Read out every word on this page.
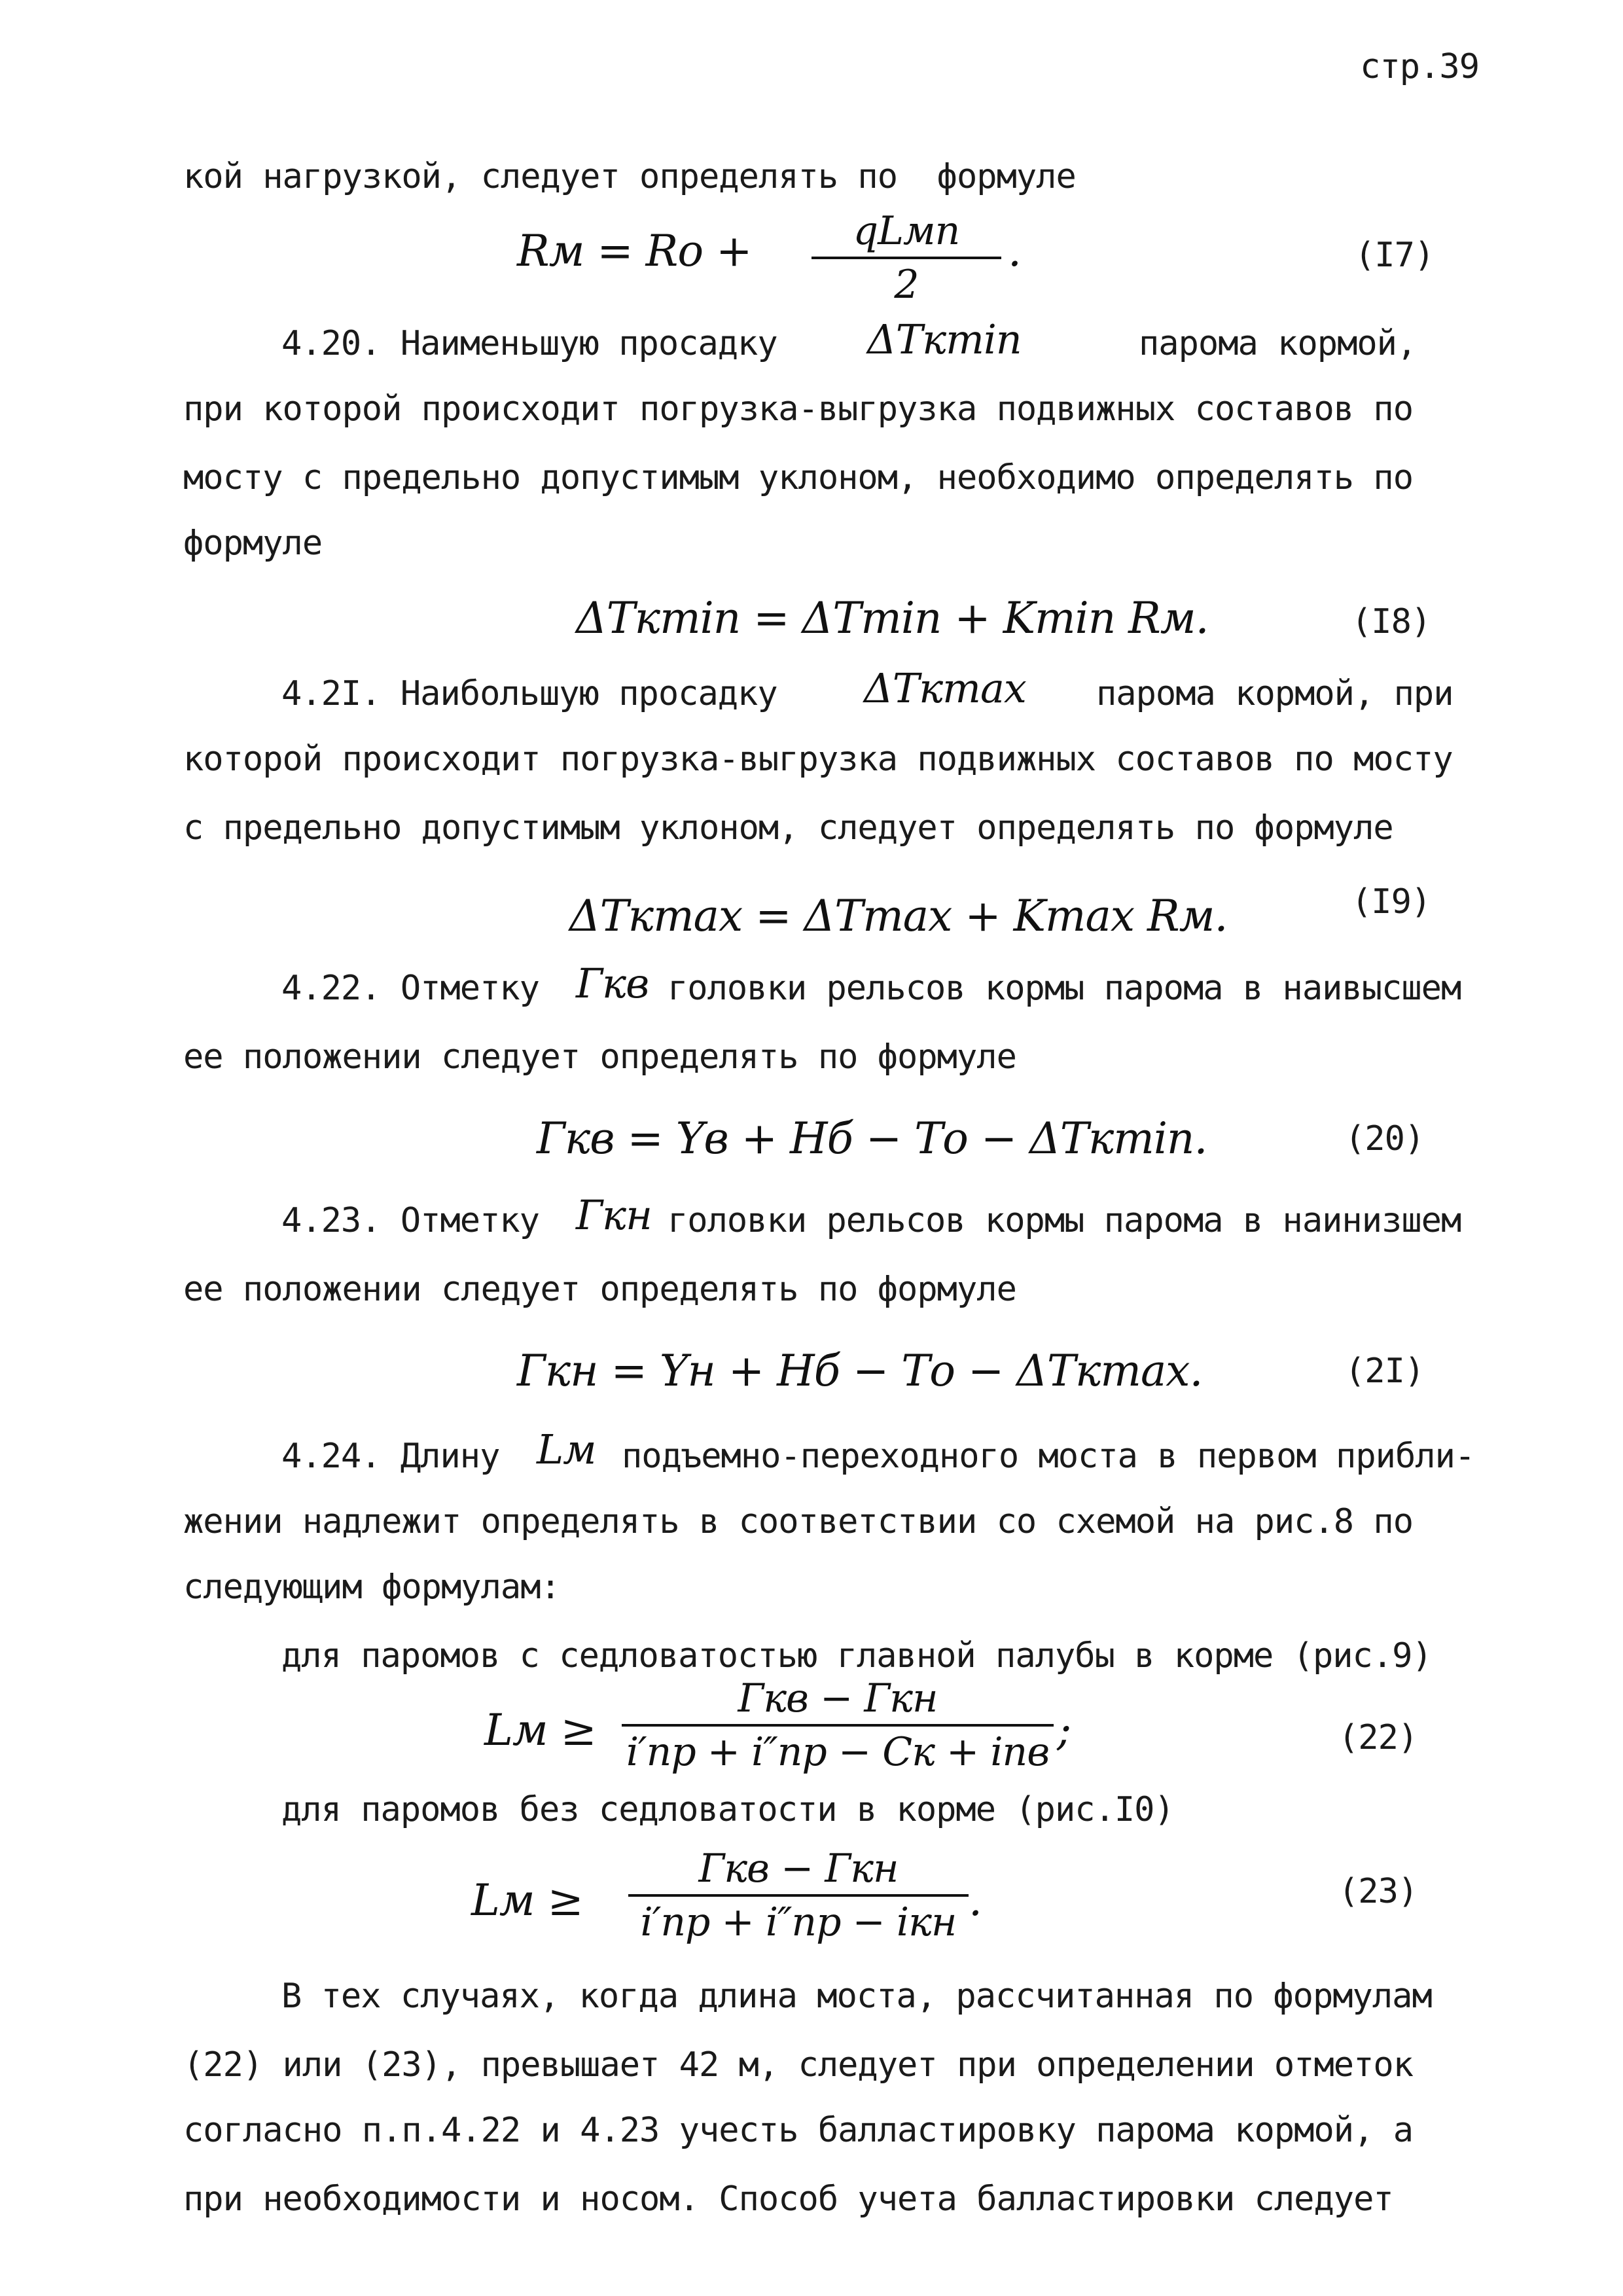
стр.39
кой нагрузкой, следует определять по  формуле
Rм = Rо +	qLмn
2
.	(I7)
4.20. Наименьшую просадку ΔTкmin	парома кормой,
при которой происходит погрузка-выгрузка подвижных составов по
мосту с предельно допустимым уклоном, необходимо определять по
формуле
ΔTкmin = ΔTmin + Kmin Rм.	(I8)
4.2I. Наибольшую просадку ΔTкmax парома кормой, при
которой происходит погрузка-выгрузка подвижных составов по мосту
с предельно допустимым уклоном, следует определять по формуле
ΔTкmax = ΔTmax + Kmax Rм.	(I9)
4.22. Отметку Гкв головки рельсов кормы парома в наивысшем
ее положении следует определять по формуле
Гкв = Yв + Hб − Tо − ΔTкmin.	(20)
4.23. Отметку Гкн головки рельсов кормы парома в наинизшем
ее положении следует определять по формуле
Гкн = Yн + Hб − Tо − ΔTкmax.	(2I)
4.24. Длину Lм подъемно-переходного моста в первом прибли-
жении надлежит определять в соответствии со схемой на рис.8 по
следующим формулам:
для паромов с седловатостью главной палубы в корме (рис.9)
Lм ≥
Гкв − Гкн
i′пр + i″пр − Cк + iпв ;	(22)
для паромов без седловатости в корме (рис.I0)
Lм ≥
Гкв − Гкн
i′пр + i″пр − iкн .	(23)
В тех случаях, когда длина моста, рассчитанная по формулам
(22) или (23), превышает 42 м, следует при определении отметок
согласно п.п.4.22 и 4.23 учесть балластировку парома кормой, а
при необходимости и носом. Способ учета балластировки следует
